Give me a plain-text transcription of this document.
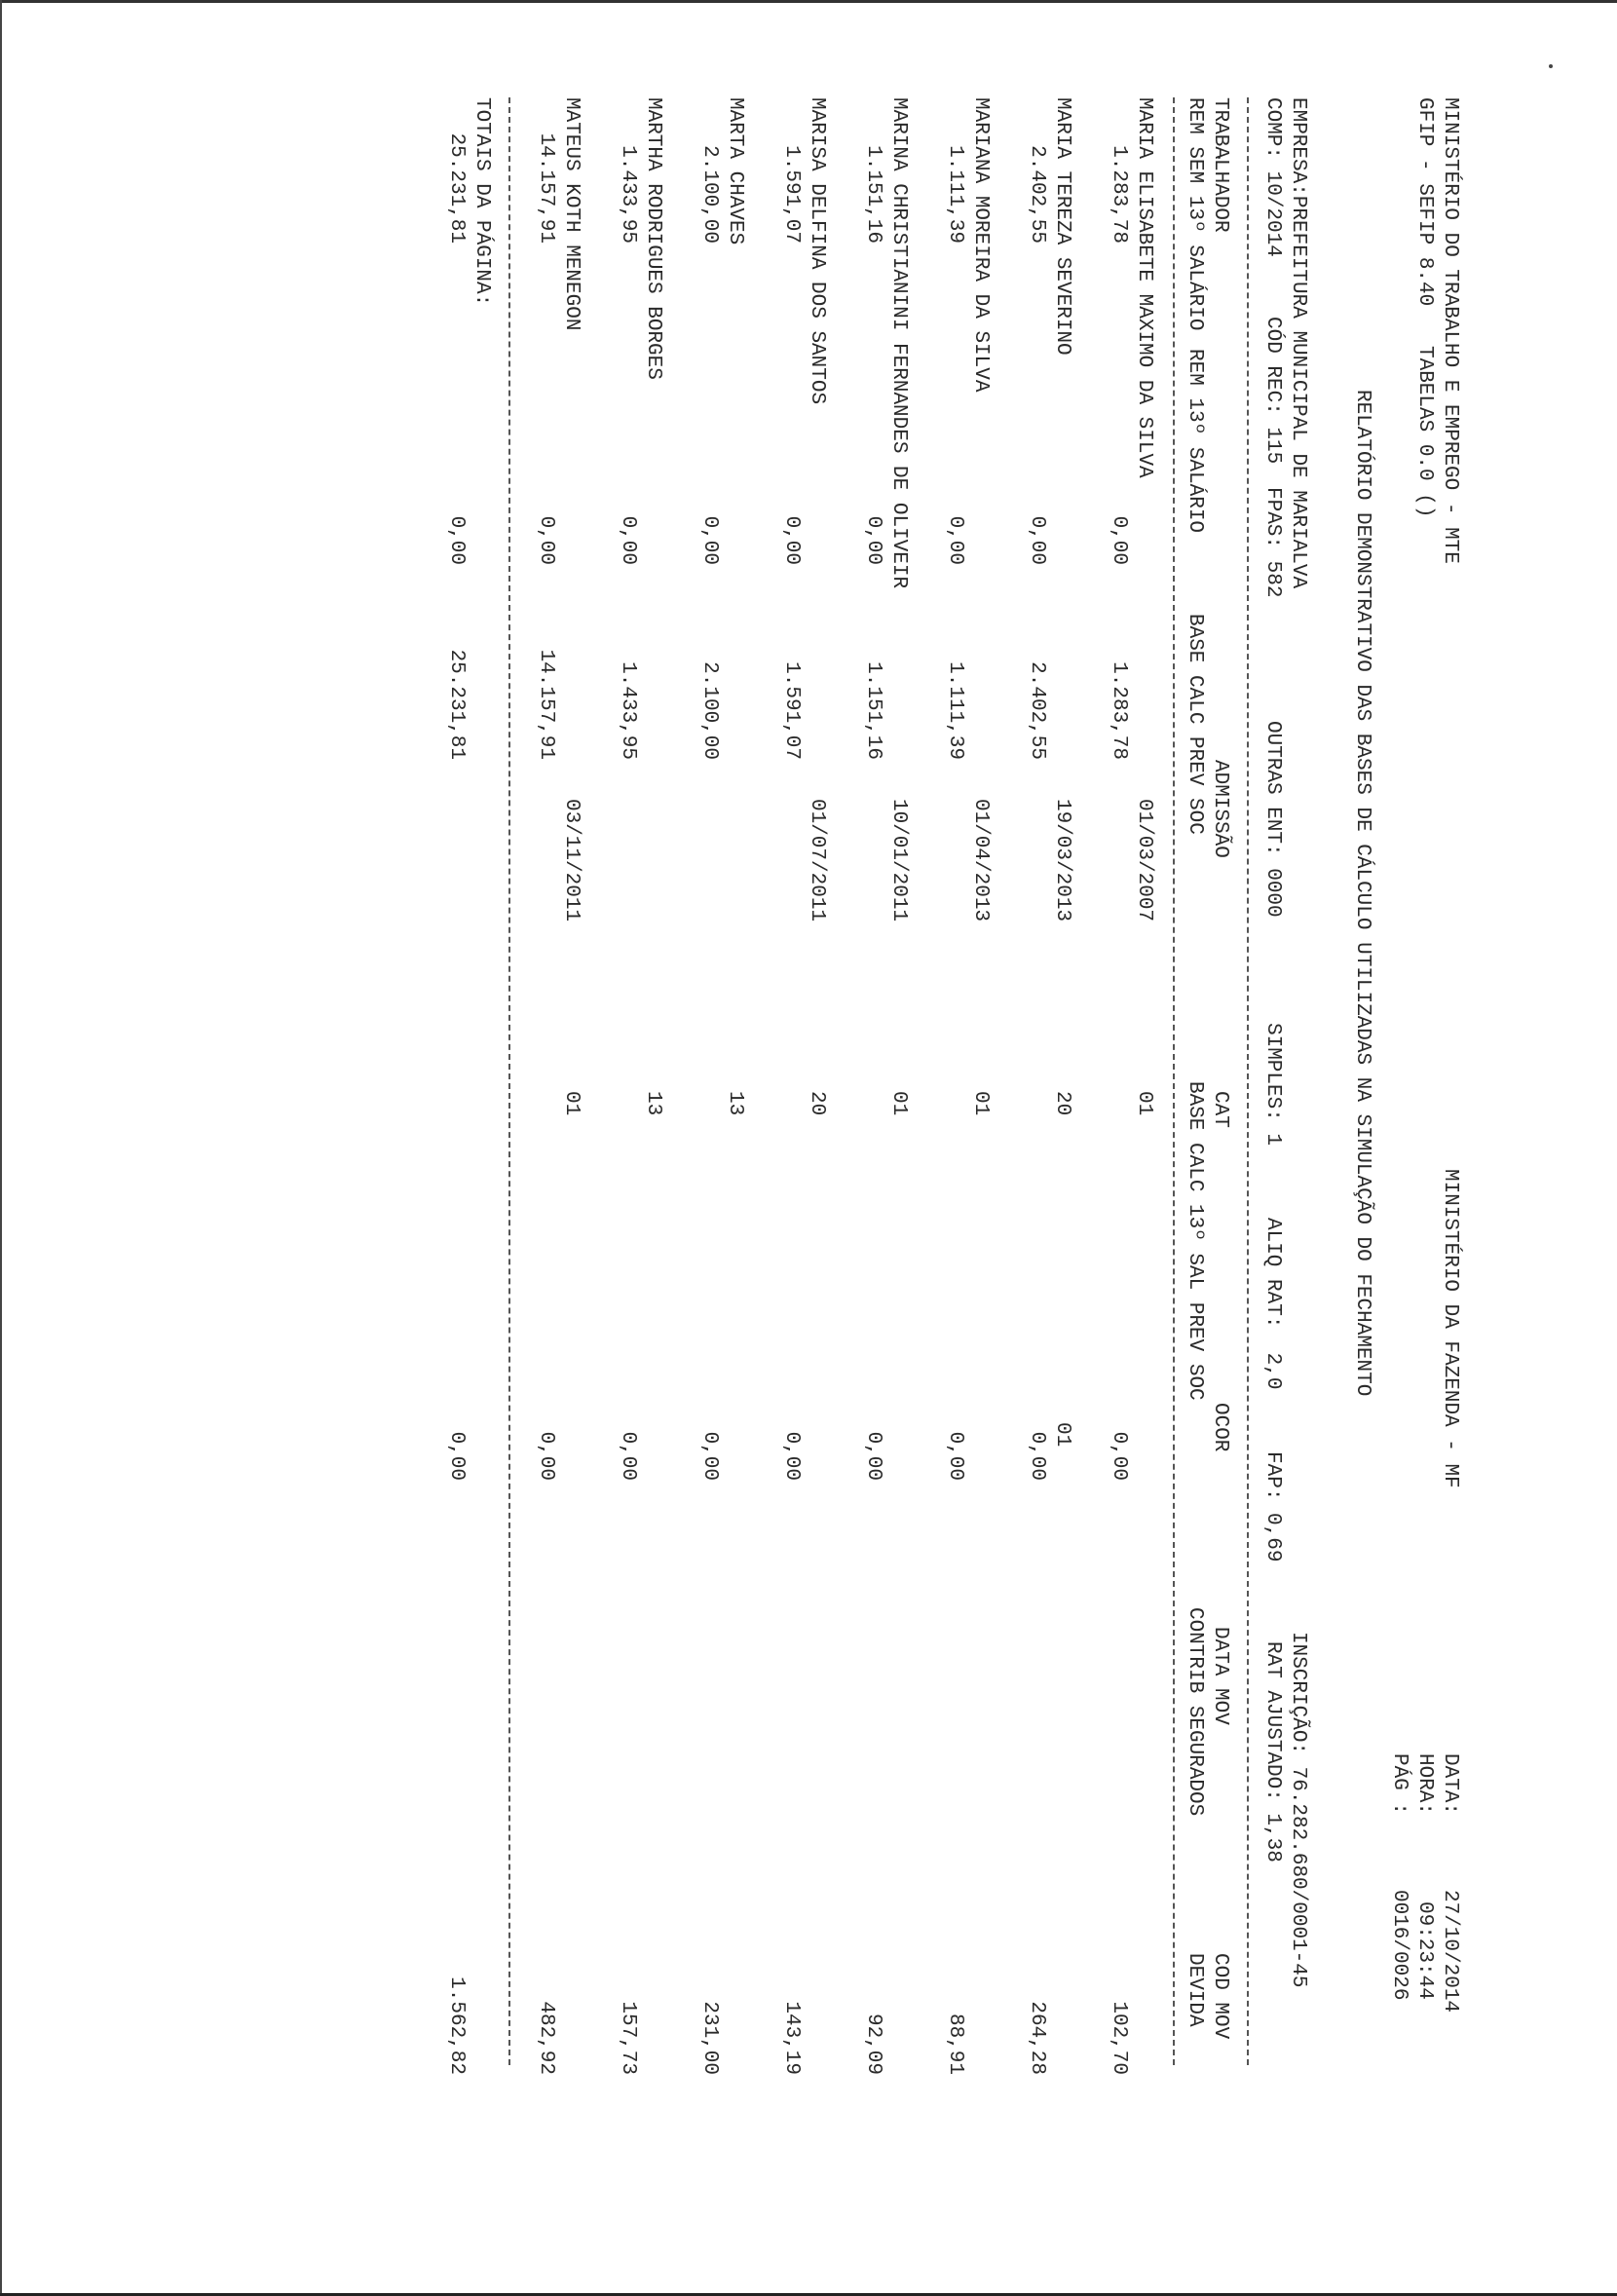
MINISTÉRIO DO TRABALHO E EMPREGO - MTE
MINISTÉRIO DA FAZENDA - MF
DATA:
27/10/2014
GFIP - SEFIP 8.40
TABELAS 0.0 ()
HORA:
09:23:44
PÁG :
0016/0026
RELATÓRIO DEMONSTRATIVO DAS BASES DE CÁLCULO UTILIZADAS NA SIMULAÇÃO DO FECHAMENTO
EMPRESA:PREFEITURA MUNICIPAL DE MARIALVA
INSCRIÇÃO: 76.282.680/0001-45
COMP: 10/2014
CÓD REC: 115
FPAS: 582
OUTRAS ENT: 0000
SIMPLES: 1
ALIQ RAT:  2,0
FAP: 0,69
RAT AJUSTADO: 1,38
TRABALHADOR
ADMISSÃO
CAT
OCOR
DATA MOV
COD MOV
REM SEM 13º SALÁRIO
REM 13º SALÁRIO
BASE CALC PREV SOC
BASE CALC 13º SAL PREV SOC
CONTRIB SEGURADOS
DEVIDA
MARIA ELISABETE MAXIMO DA SILVA
01/03/2007
01
1.283,78
0,00
1.283,78
0,00
102,70
MARIA TEREZA SEVERINO
19/03/2013
20
01
2.402,55
0,00
2.402,55
0,00
264,28
MARIANA MOREIRA DA SILVA
01/04/2013
01
1.111,39
0,00
1.111,39
0,00
88,91
MARINA CHRISTIANINI FERNANDES DE OLIVEIR
10/01/2011
01
1.151,16
0,00
1.151,16
0,00
92,09
MARISA DELFINA DOS SANTOS
01/07/2011
20
1.591,07
0,00
1.591,07
0,00
143,19
MARTA CHAVES
13
2.100,00
0,00
2.100,00
0,00
231,00
MARTHA RODRIGUES BORGES
13
1.433,95
0,00
1.433,95
0,00
157,73
MATEUS KOTH MENEGON
03/11/2011
01
14.157,91
0,00
14.157,91
0,00
482,92
TOTAIS DA PÁGINA:
25.231,81
0,00
25.231,81
0,00
1.562,82
